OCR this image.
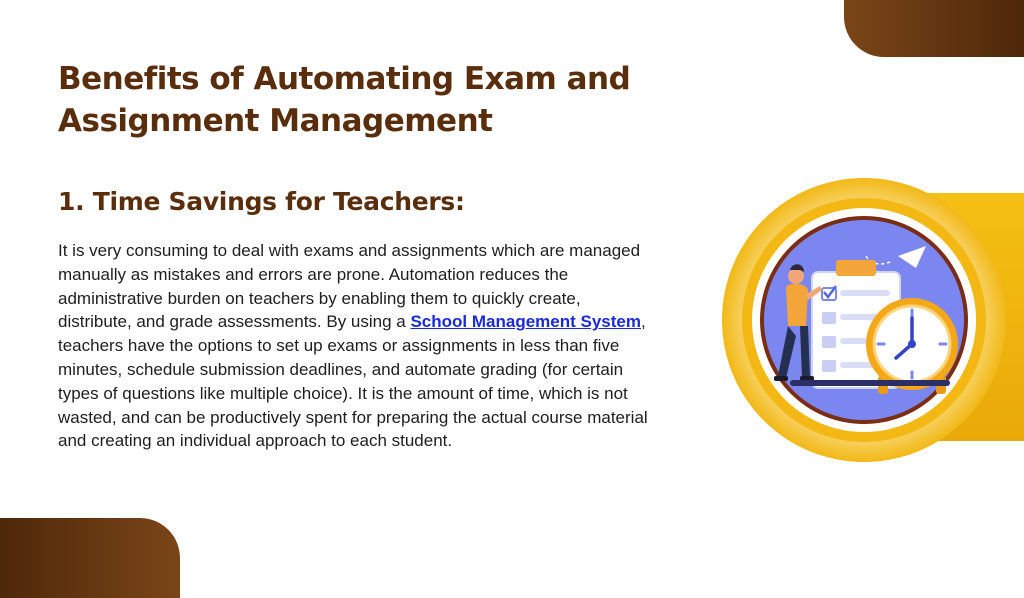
Benefits of Automating Exam and Assignment Management
1. Time Savings for Teachers:

It is very consuming to deal with exams and assignments which are managed manually as mistakes and errors are prone. Automation reduces the administrative burden on teachers by enabling them to quickly create, distribute, and grade assessments. By using a School Management System, teachers have the options to set up exams or assignments in less than five minutes, schedule submission deadlines, and automate grading (for certain types of questions like multiple choice). It is the amount of time, which is not wasted, and can be productively spent for preparing the actual course material and creating an individual approach to each student.
